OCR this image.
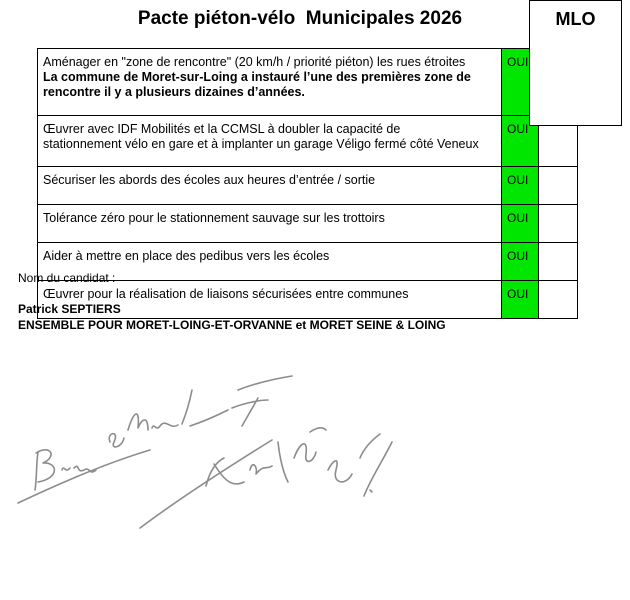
Pacte piéton-vélo  Municipales 2026	MLO
Aménager en "zone de rencontre" (20 km/h / priorité piéton) les rues étroites
La commune de Moret-sur-Loing a instauré l’une des premières zone de rencontre il y a plusieurs dizaines d’années.	OUI	

Œuvrer avec IDF Mobilités et la CCMSL à doubler la capacité de
stationnement vélo en gare et à implanter un garage Véligo fermé côté Veneux	OUI	

Sécuriser les abords des écoles aux heures d’entrée / sortie	OUI	

Tolérance zéro pour le stationnement sauvage sur les trottoirs	OUI	

Aider à mettre en place des pedibus vers les écoles	OUI	

Œuvrer pour la réalisation de liaisons sécurisées entre communes	OUI	
Nom du candidat :
Patrick SEPTIERS
ENSEMBLE POUR MORET-LOING-ET-ORVANNE et MORET SEINE & LOING
